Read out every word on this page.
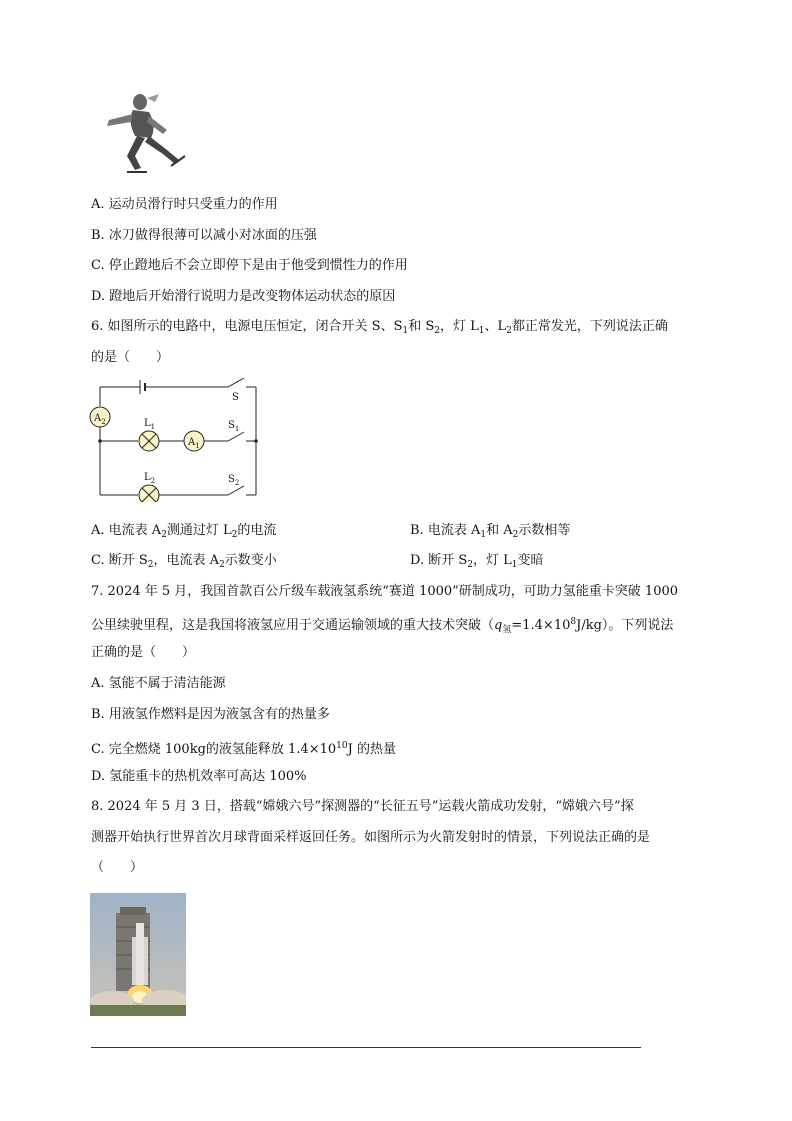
A. 运动员滑行时只受重力的作用
B. 冰刀做得很薄可以减小对冰面的压强
C. 停止蹬地后不会立即停下是由于他受到惯性力的作用
D. 蹬地后开始滑行说明力是改变物体运动状态的原因
6. 如图所示的电路中，电源电压恒定，闭合开关 S、$S_1$和 $S_2$，灯 $L_1$、$L_2$都正常发光，下列说法正确
的是（　　）
$A_2$
$A_1$
$L_1$
$L_2$
S
$S_1$
$S_2$
A. 电流表 $A_2$测通过灯 $L_2$的电流	B. 电流表 $A_1$和 $A_2$示数相等
C. 断开 $S_2$，电流表 $A_2$示数变小	D. 断开 $S_2$，灯 $L_1$变暗
7. 2024 年 5 月，我国首款百公斤级车载液氢系统“赛道 1000”研制成功，可助力氢能重卡突破 1000
公里续驶里程，这是我国将液氢应用于交通运输领域的重大技术突破$(q_氢=1.4\times 10^8J/kg)$。下列说法
正确的是（　　）
A. 氢能不属于清洁能源
B. 用液氢作燃料是因为液氢含有的热量多
C. 完全燃烧 100kg的液氢能释放 $1.4\times 10^{10}J$ 的热量
D. 氢能重卡的热机效率可高达 100%
8. 2024 年 5 月 3 日，搭载“嫦娥六号”探测器的“长征五号”运载火箭成功发射，“嫦娥六号”探
测器开始执行世界首次月球背面采样返回任务。如图所示为火箭发射时的情景，下列说法正确的是
（　　）
